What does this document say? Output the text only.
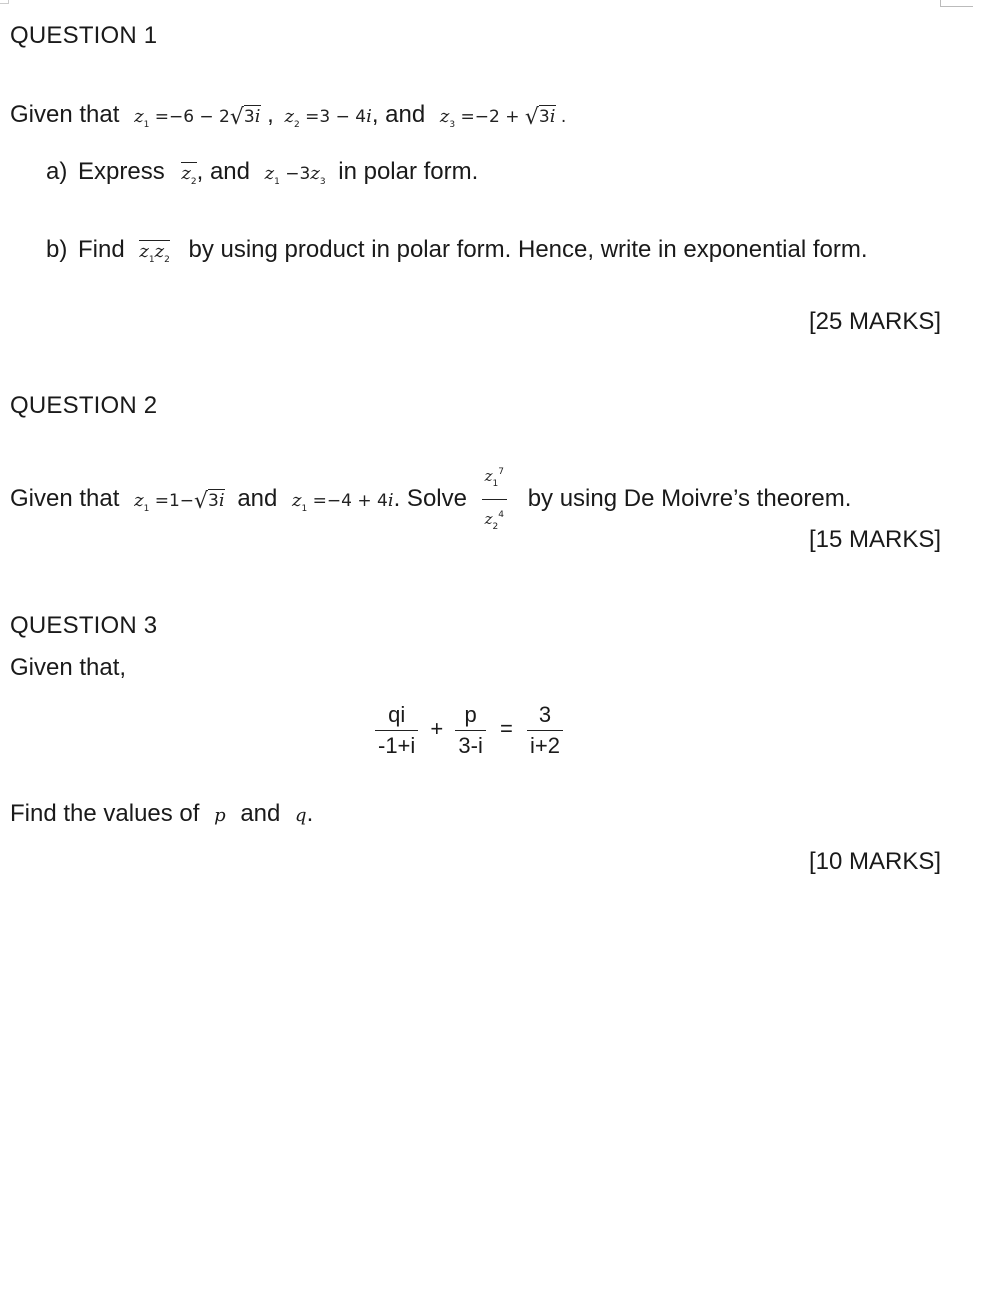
QUESTION 1
Given that $z_1 =-6 - 2√3i$ , $z_2 =3 - 4i$, and $z_3 =-2 + √3i$ .
a) Express $z_2$, and $z_1 -3z_3$ in polar form.
b) Find $z_1z_2$ by using product in polar form. Hence, write in exponential form.
[25 MARKS]
QUESTION 2
Given that $z_1 =1-√3i$ and $z_1 =-4 + 4i$. Solve $\frac{z_1^7}{z_2^4}$ by using De Moivre’s theorem.
[15 MARKS]
QUESTION 3
Given that,
$\frac{qi}{-1+i} + \frac{p}{3-i} = \frac{3}{i+2}$
Find the values of p and q.
[10 MARKS]
